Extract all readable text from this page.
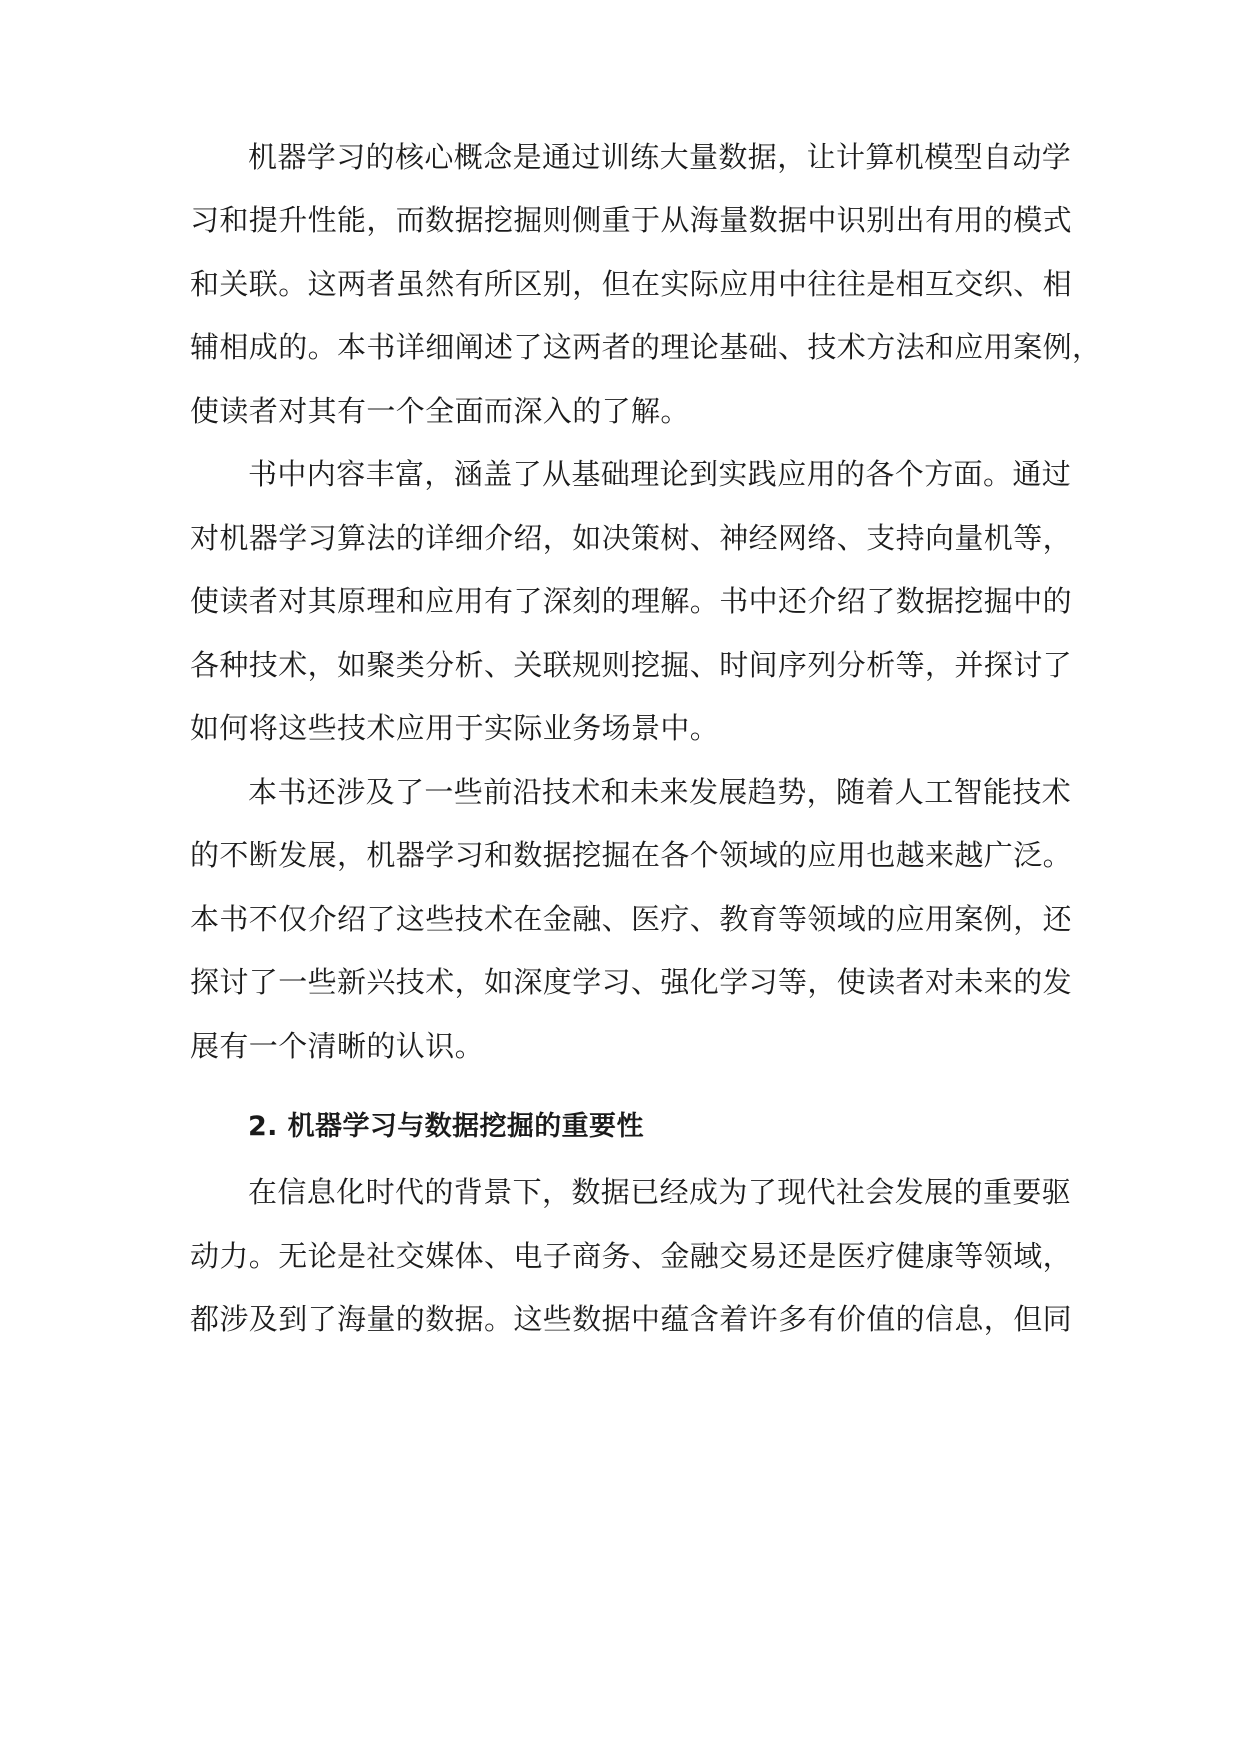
机器学习的核心概念是通过训练大量数据，让计算机模型自动学
习和提升性能，而数据挖掘则侧重于从海量数据中识别出有用的模式
和关联。这两者虽然有所区别，但在实际应用中往往是相互交织、相
辅相成的。本书详细阐述了这两者的理论基础、技术方法和应用案例，
使读者对其有一个全面而深入的了解。
书中内容丰富，涵盖了从基础理论到实践应用的各个方面。通过
对机器学习算法的详细介绍，如决策树、神经网络、支持向量机等，
使读者对其原理和应用有了深刻的理解。书中还介绍了数据挖掘中的
各种技术，如聚类分析、关联规则挖掘、时间序列分析等，并探讨了
如何将这些技术应用于实际业务场景中。
本书还涉及了一些前沿技术和未来发展趋势，随着人工智能技术
的不断发展，机器学习和数据挖掘在各个领域的应用也越来越广泛。
本书不仅介绍了这些技术在金融、医疗、教育等领域的应用案例，还
探讨了一些新兴技术，如深度学习、强化学习等，使读者对未来的发
展有一个清晰的认识。
2. 机器学习与数据挖掘的重要性
在信息化时代的背景下，数据已经成为了现代社会发展的重要驱
动力。无论是社交媒体、电子商务、金融交易还是医疗健康等领域，
都涉及到了海量的数据。这些数据中蕴含着许多有价值的信息，但同
